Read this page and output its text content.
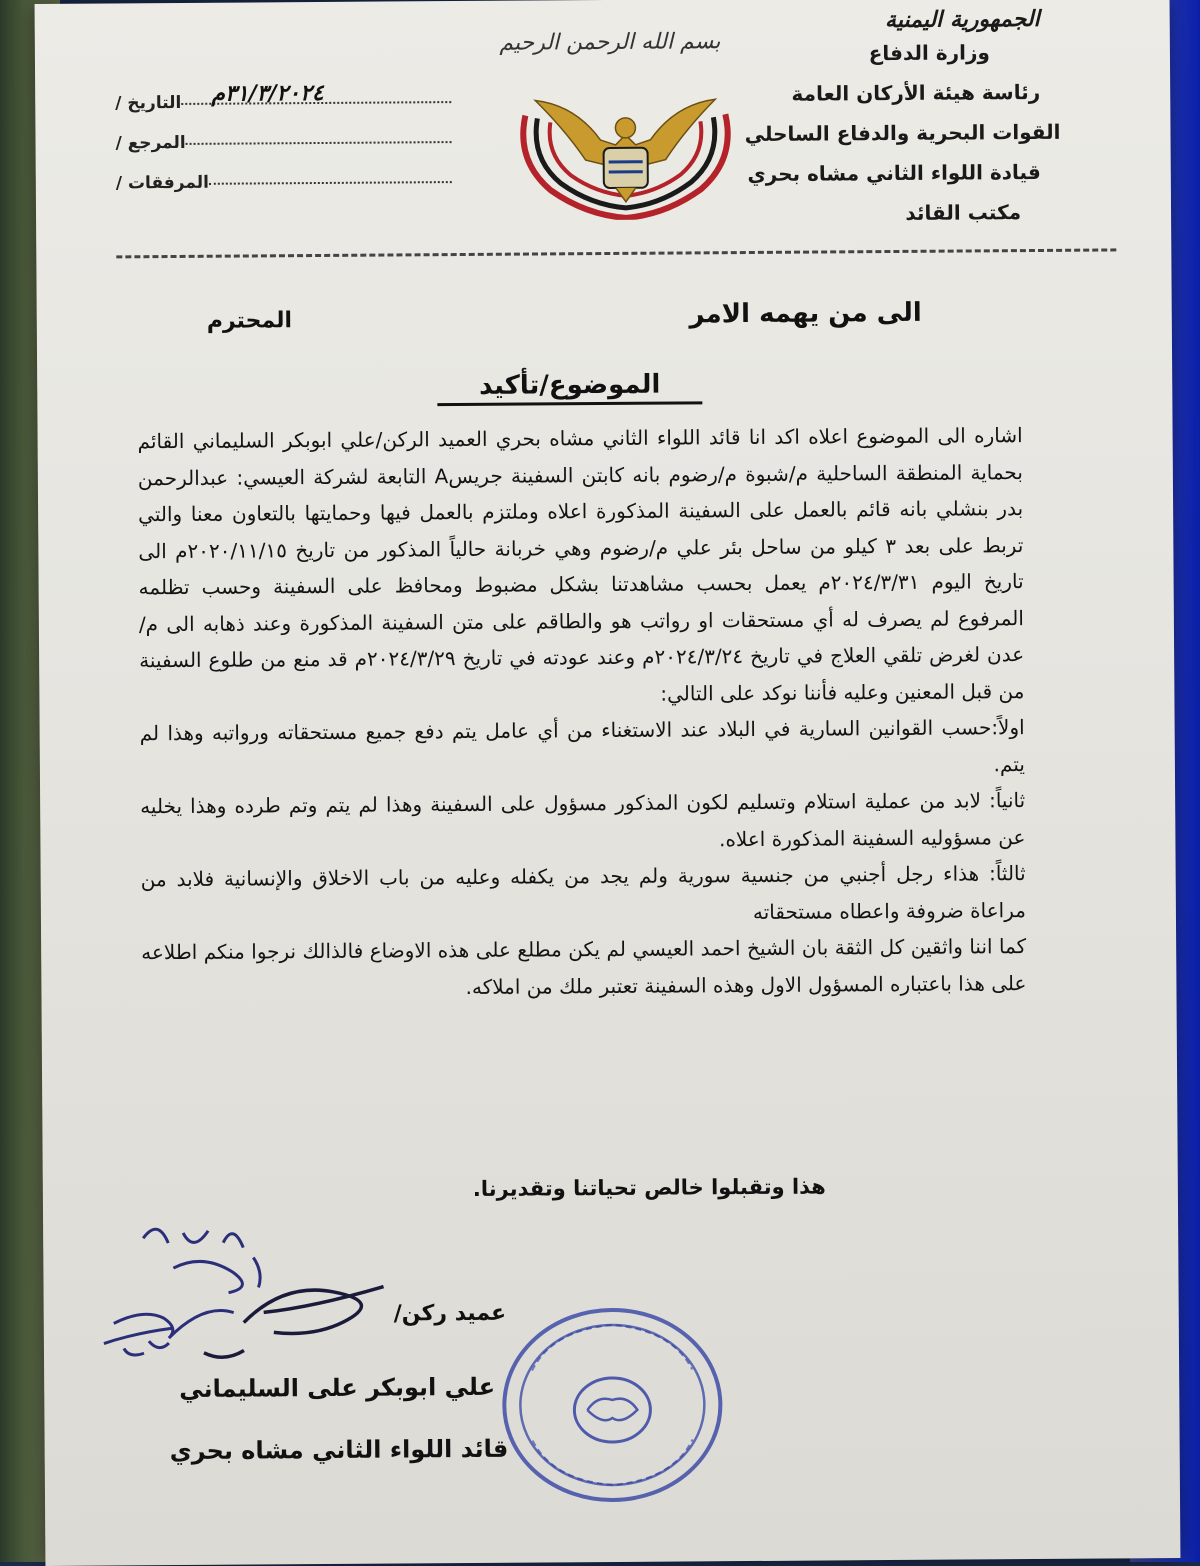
الجمهورية اليمنية
وزارة الدفاع
رئاسة هيئة الأركان العامة
القوات البحرية والدفاع الساحلي
قيادة اللواء الثاني مشاه بحري
مكتب القائد
بسم الله الرحمن الرحيم
التاريخ / ٣١/٣/٢٠٢٤م
المرجع /
المرفقات /
الى من يهمه الامر
المحترم
الموضوع/تأكيد

اشاره الى الموضوع اعلاه اكد انا قائد اللواء الثاني مشاه بحري العميد الركن/علي ابوبكر السليماني القائم بحماية المنطقة الساحلية م/شبوة م/رضوم بانه كابتن السفينة جريسA التابعة لشركة العيسي: عبدالرحمن بدر بنشلي بانه قائم بالعمل على السفينة المذكورة اعلاه وملتزم بالعمل فيها وحمايتها بالتعاون معنا والتي تربط على بعد ٣ كيلو من ساحل بئر علي م/رضوم وهي خربانة حالياً المذكور من تاريخ ٢٠٢٠/١١/١٥م الى تاريخ اليوم ٢٠٢٤/٣/٣١م يعمل بحسب مشاهدتنا بشكل مضبوط ومحافظ على السفينة وحسب تظلمه المرفوع لم يصرف له أي مستحقات او رواتب هو والطاقم على متن السفينة المذكورة وعند ذهابه الى م/عدن لغرض تلقي العلاج في تاريخ ٢٠٢٤/٣/٢٤م وعند عودته في تاريخ ٢٠٢٤/٣/٢٩م قد منع من طلوع السفينة من قبل المعنين وعليه فأننا نوكد على التالي:

اولاً:حسب القوانين السارية في البلاد عند الاستغناء من أي عامل يتم دفع جميع مستحقاته ورواتبه وهذا لم يتم.

ثانياً: لابد من عملية استلام وتسليم لكون المذكور مسؤول على السفينة وهذا لم يتم وتم طرده وهذا يخليه عن مسؤوليه السفينة المذكورة اعلاه.

ثالثاً: هذاء رجل أجنبي من جنسية سورية ولم يجد من يكفله وعليه من باب الاخلاق والإنسانية فلابد من مراعاة ضروفة واعطاه مستحقاته

كما اننا واثقين كل الثقة بان الشيخ احمد العيسي لم يكن مطلع على هذه الاوضاع فالذالك نرجوا منكم اطلاعه على هذا باعتباره المسؤول الاول وهذه السفينة تعتبر ملك من املاكه.

هذا وتقبلوا خالص تحياتنا وتقديرنا.
عميد ركن/
علي ابوبكر على السليماني
قائد اللواء الثاني مشاه بحري
